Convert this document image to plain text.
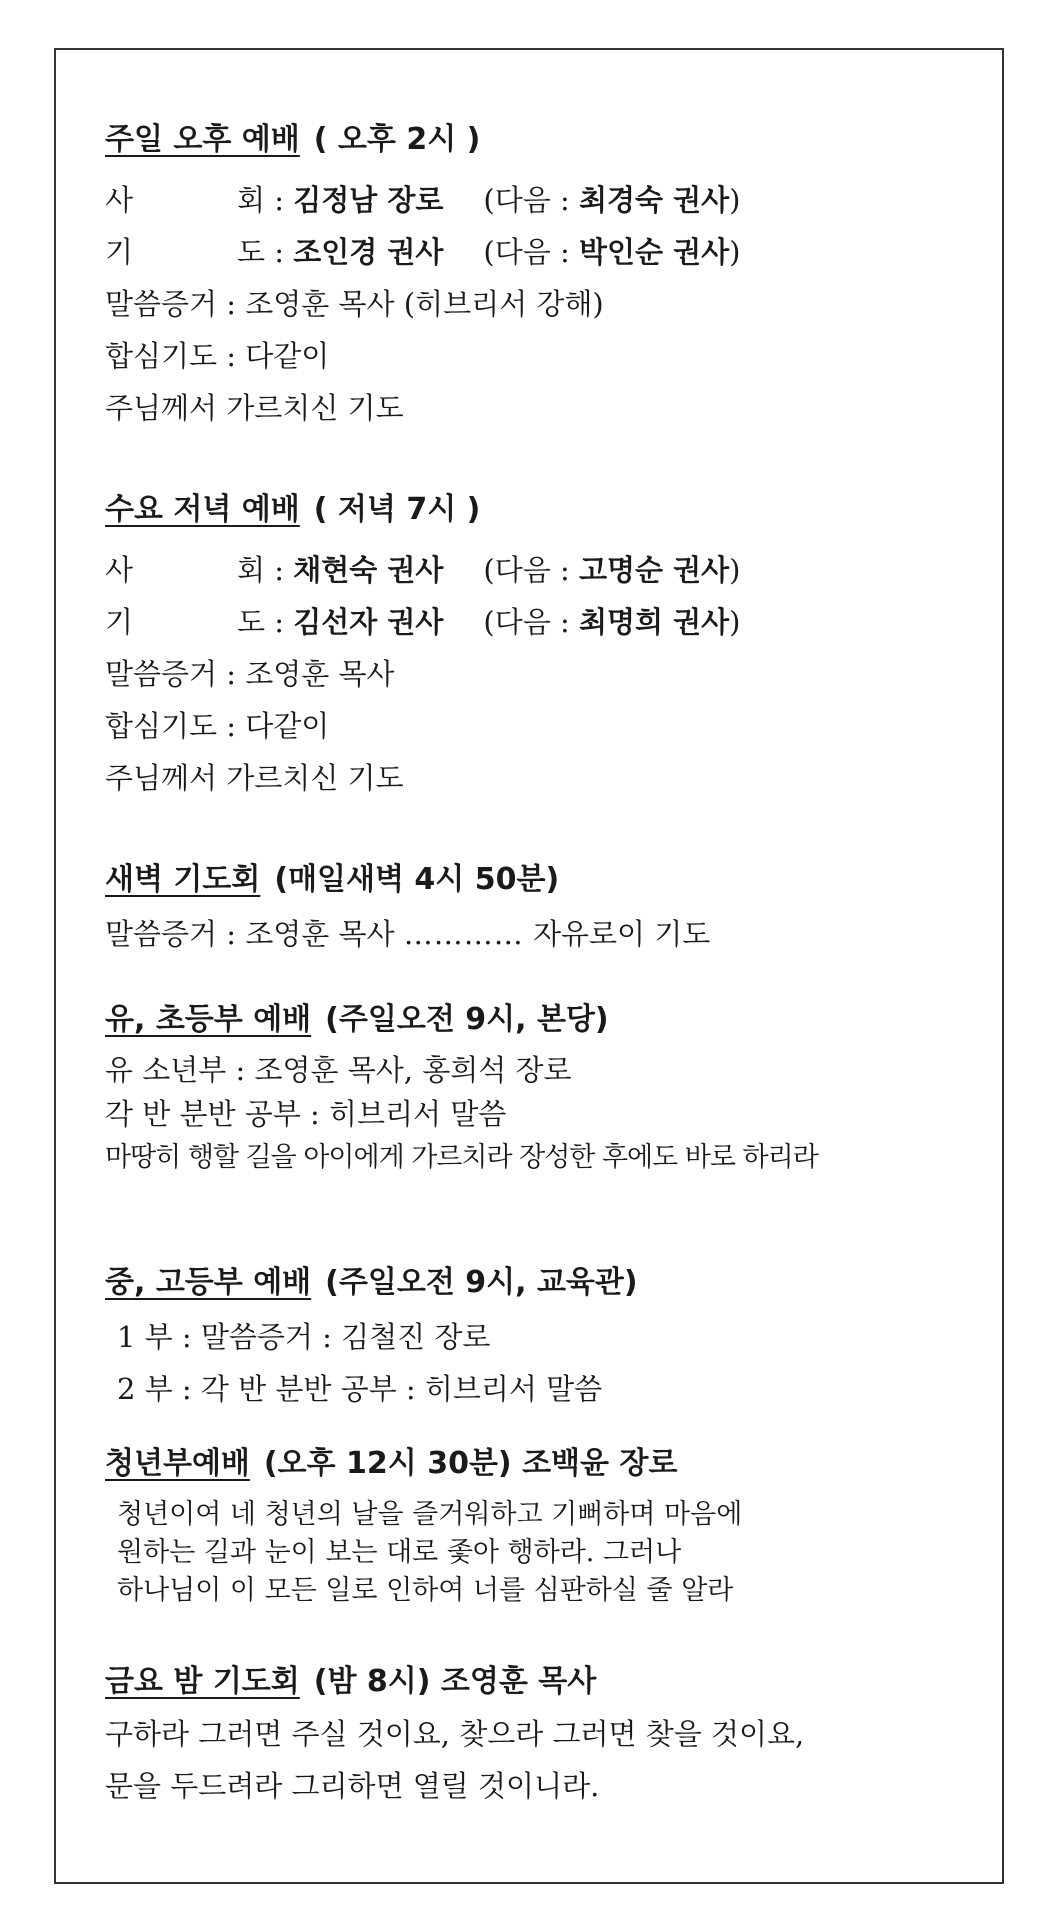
주일 오후 예배 ( 오후 2시 )
사	회 : 김정남 장로 (다음 : 최경숙 권사)
기	도 : 조인경 권사 (다음 : 박인순 권사)
말씀증거 : 조영훈 목사 (히브리서 강해)
합심기도 : 다같이
주님께서 가르치신 기도
수요 저녁 예배 ( 저녁 7시 )
사	회 : 채현숙 권사 (다음 : 고명순 권사)
기	도 : 김선자 권사 (다음 : 최명희 권사)
말씀증거 : 조영훈 목사
합심기도 : 다같이
주님께서 가르치신 기도
새벽 기도회 (매일새벽 4시 50분)
말씀증거 : 조영훈 목사 ………… 자유로이 기도
유, 초등부 예배 (주일오전 9시, 본당)
유 소년부 : 조영훈 목사, 홍희석 장로
각 반 분반 공부 : 히브리서 말씀
마땅히 행할 길을 아이에게 가르치라 장성한 후에도 바로 하리라
중, 고등부 예배 (주일오전 9시, 교육관)
1 부 : 말씀증거 : 김철진 장로
2 부 : 각 반 분반 공부 : 히브리서 말씀
청년부예배 (오후 12시 30분) 조백윤 장로
청년이여 네 청년의 날을 즐거워하고 기뻐하며 마음에
원하는 길과 눈이 보는 대로 좇아 행하라. 그러나
하나님이 이 모든 일로 인하여 너를 심판하실 줄 알라
금요 밤 기도회 (밤 8시) 조영훈 목사
구하라 그러면 주실 것이요, 찾으라 그러면 찾을 것이요,
문을 두드려라 그리하면 열릴 것이니라.
